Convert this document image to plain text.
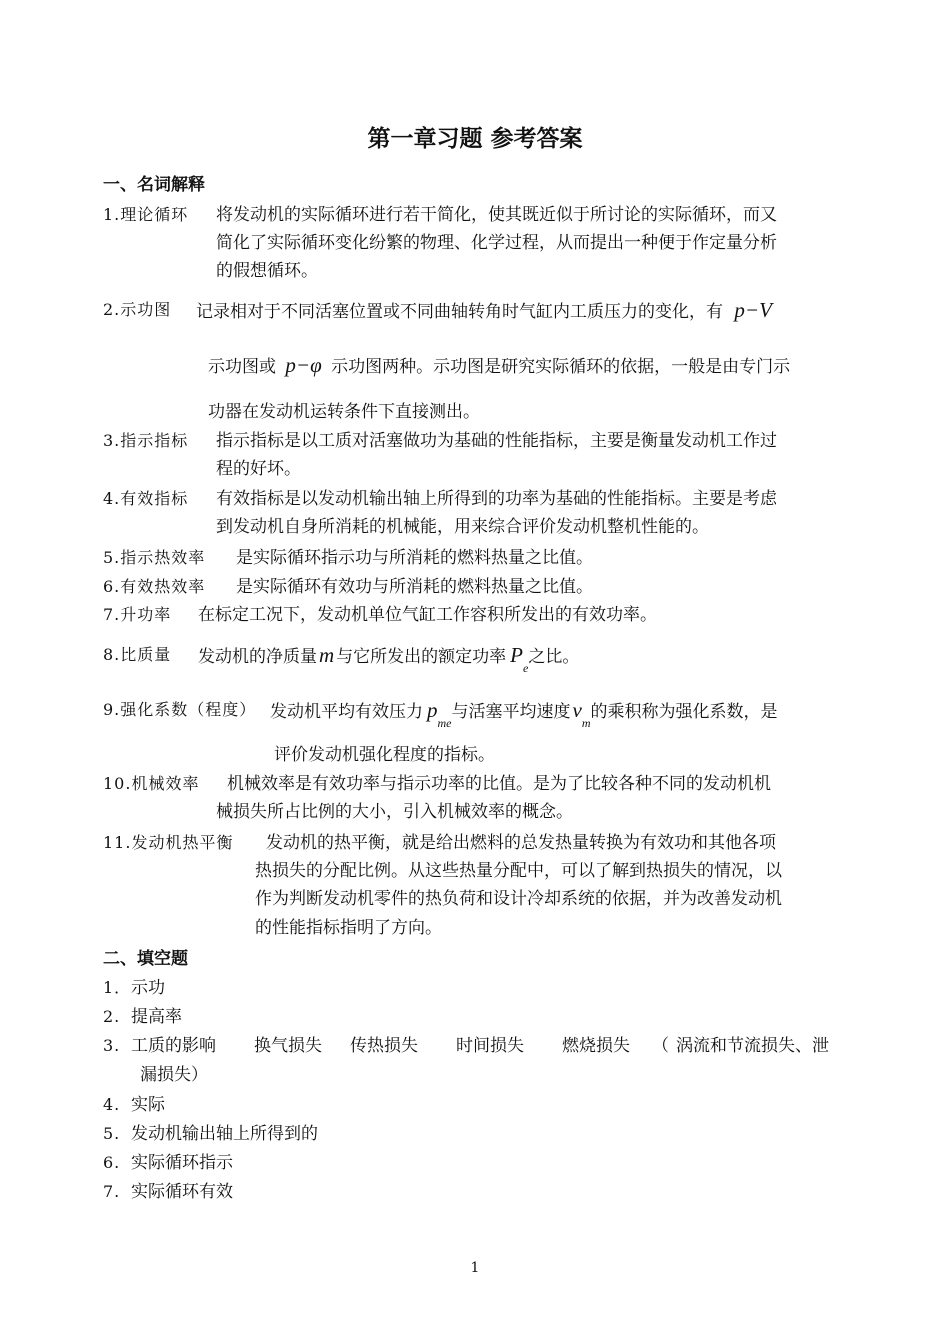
第一章习题 参考答案
一、名词解释
1.理论循环 将发动机的实际循环进行若干简化，使其既近似于所讨论的实际循环，而又
简化了实际循环变化纷繁的物理、化学过程，从而提出一种便于作定量分析
的假想循环。
2.示功图 记录相对于不同活塞位置或不同曲轴转角时气缸内工质压力的变化，有 p−V
示功图或 p−φ 示功图两种。示功图是研究实际循环的依据，一般是由专门示
功器在发动机运转条件下直接测出。
3.指示指标 指示指标是以工质对活塞做功为基础的性能指标，主要是衡量发动机工作过
程的好坏。
4.有效指标 有效指标是以发动机输出轴上所得到的功率为基础的性能指标。主要是考虑
到发动机自身所消耗的机械能，用来综合评价发动机整机性能的。
5.指示热效率 是实际循环指示功与所消耗的燃料热量之比值。
6.有效热效率 是实际循环有效功与所消耗的燃料热量之比值。
7.升功率 在标定工况下，发动机单位气缸工作容积所发出的有效功率。
8.比质量 发动机的净质量m 与它所发出的额定功率 $P_e$之比。
9.强化系数（程度） 发动机平均有效压力 $p_{me}$与活塞平均速度$v_m$的乘积称为强化系数，是
评价发动机强化程度的指标。
10.机械效率 机械效率是有效功率与指示功率的比值。是为了比较各种不同的发动机机
械损失所占比例的大小，引入机械效率的概念。
11.发动机热平衡 发动机的热平衡，就是给出燃料的总发热量转换为有效功和其他各项
热损失的分配比例。从这些热量分配中，可以了解到热损失的情况，以
作为判断发动机零件的热负荷和设计冷却系统的依据，并为改善发动机
的性能指标指明了方向。
二、填空题
1． 示功
2. 提高率
3. 工质的影响 换气损失 传热损失 时间损失 燃烧损失 （ 涡流和节流损失、泄
漏损失）
4. 实际
5. 发动机输出轴上所得到的
6. 实际循环指示
7. 实际循环有效
1
